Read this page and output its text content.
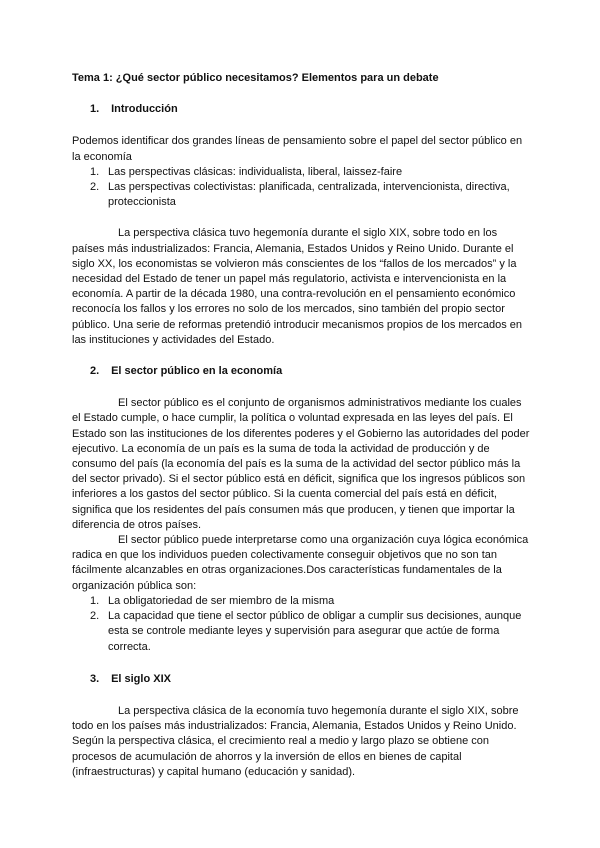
Tema 1: ¿Qué sector público necesitamos? Elementos para un debate
1. Introducción

Podemos identificar dos grandes líneas de pensamiento sobre el papel del sector público en la economía

1. Las perspectivas clásicas: individualista, liberal, laissez-faire
2. Las perspectivas colectivistas: planificada, centralizada, intervencionista, directiva, proteccionista

La perspectiva clásica tuvo hegemonía durante el siglo XIX, sobre todo en los países más industrializados: Francia, Alemania, Estados Unidos y Reino Unido. Durante el siglo XX, los economistas se volvieron más conscientes de los “fallos de los mercados” y la necesidad del Estado de tener un papel más regulatorio, activista e intervencionista en la economía. A partir de la década 1980, una contra-revolución en el pensamiento económico reconocía los fallos y los errores no solo de los mercados, sino también del propio sector público. Una serie de reformas pretendió introducir mecanismos propios de los mercados en las instituciones y actividades del Estado.

2. El sector público en la economía

El sector público es el conjunto de organismos administrativos mediante los cuales el Estado cumple, o hace cumplir, la política o voluntad expresada en las leyes del país. El Estado son las instituciones de los diferentes poderes y el Gobierno las autoridades del poder ejecutivo. La economía de un país es la suma de toda la actividad de producción y de consumo del país (la economía del país es la suma de la actividad del sector público más la del sector privado). Si el sector público está en déficit, significa que los ingresos públicos son inferiores a los gastos del sector público. Si la cuenta comercial del país está en déficit, significa que los residentes del país consumen más que producen, y tienen que importar la diferencia de otros países.

El sector público puede interpretarse como una organización cuya lógica económica radica en que los individuos pueden colectivamente conseguir objetivos que no son tan fácilmente alcanzables en otras organizaciones.Dos características fundamentales de la organización pública son:

1. La obligatoriedad de ser miembro de la misma
2. La capacidad que tiene el sector público de obligar a cumplir sus decisiones, aunque esta se controle mediante leyes y supervisión para asegurar que actúe de forma correcta.
3. El siglo XIX

La perspectiva clásica de la economía tuvo hegemonía durante el siglo XIX, sobre todo en los países más industrializados: Francia, Alemania, Estados Unidos y Reino Unido. Según la perspectiva clásica, el crecimiento real a medio y largo plazo se obtiene con procesos de acumulación de ahorros y la inversión de ellos en bienes de capital (infraestructuras) y capital humano (educación y sanidad).
